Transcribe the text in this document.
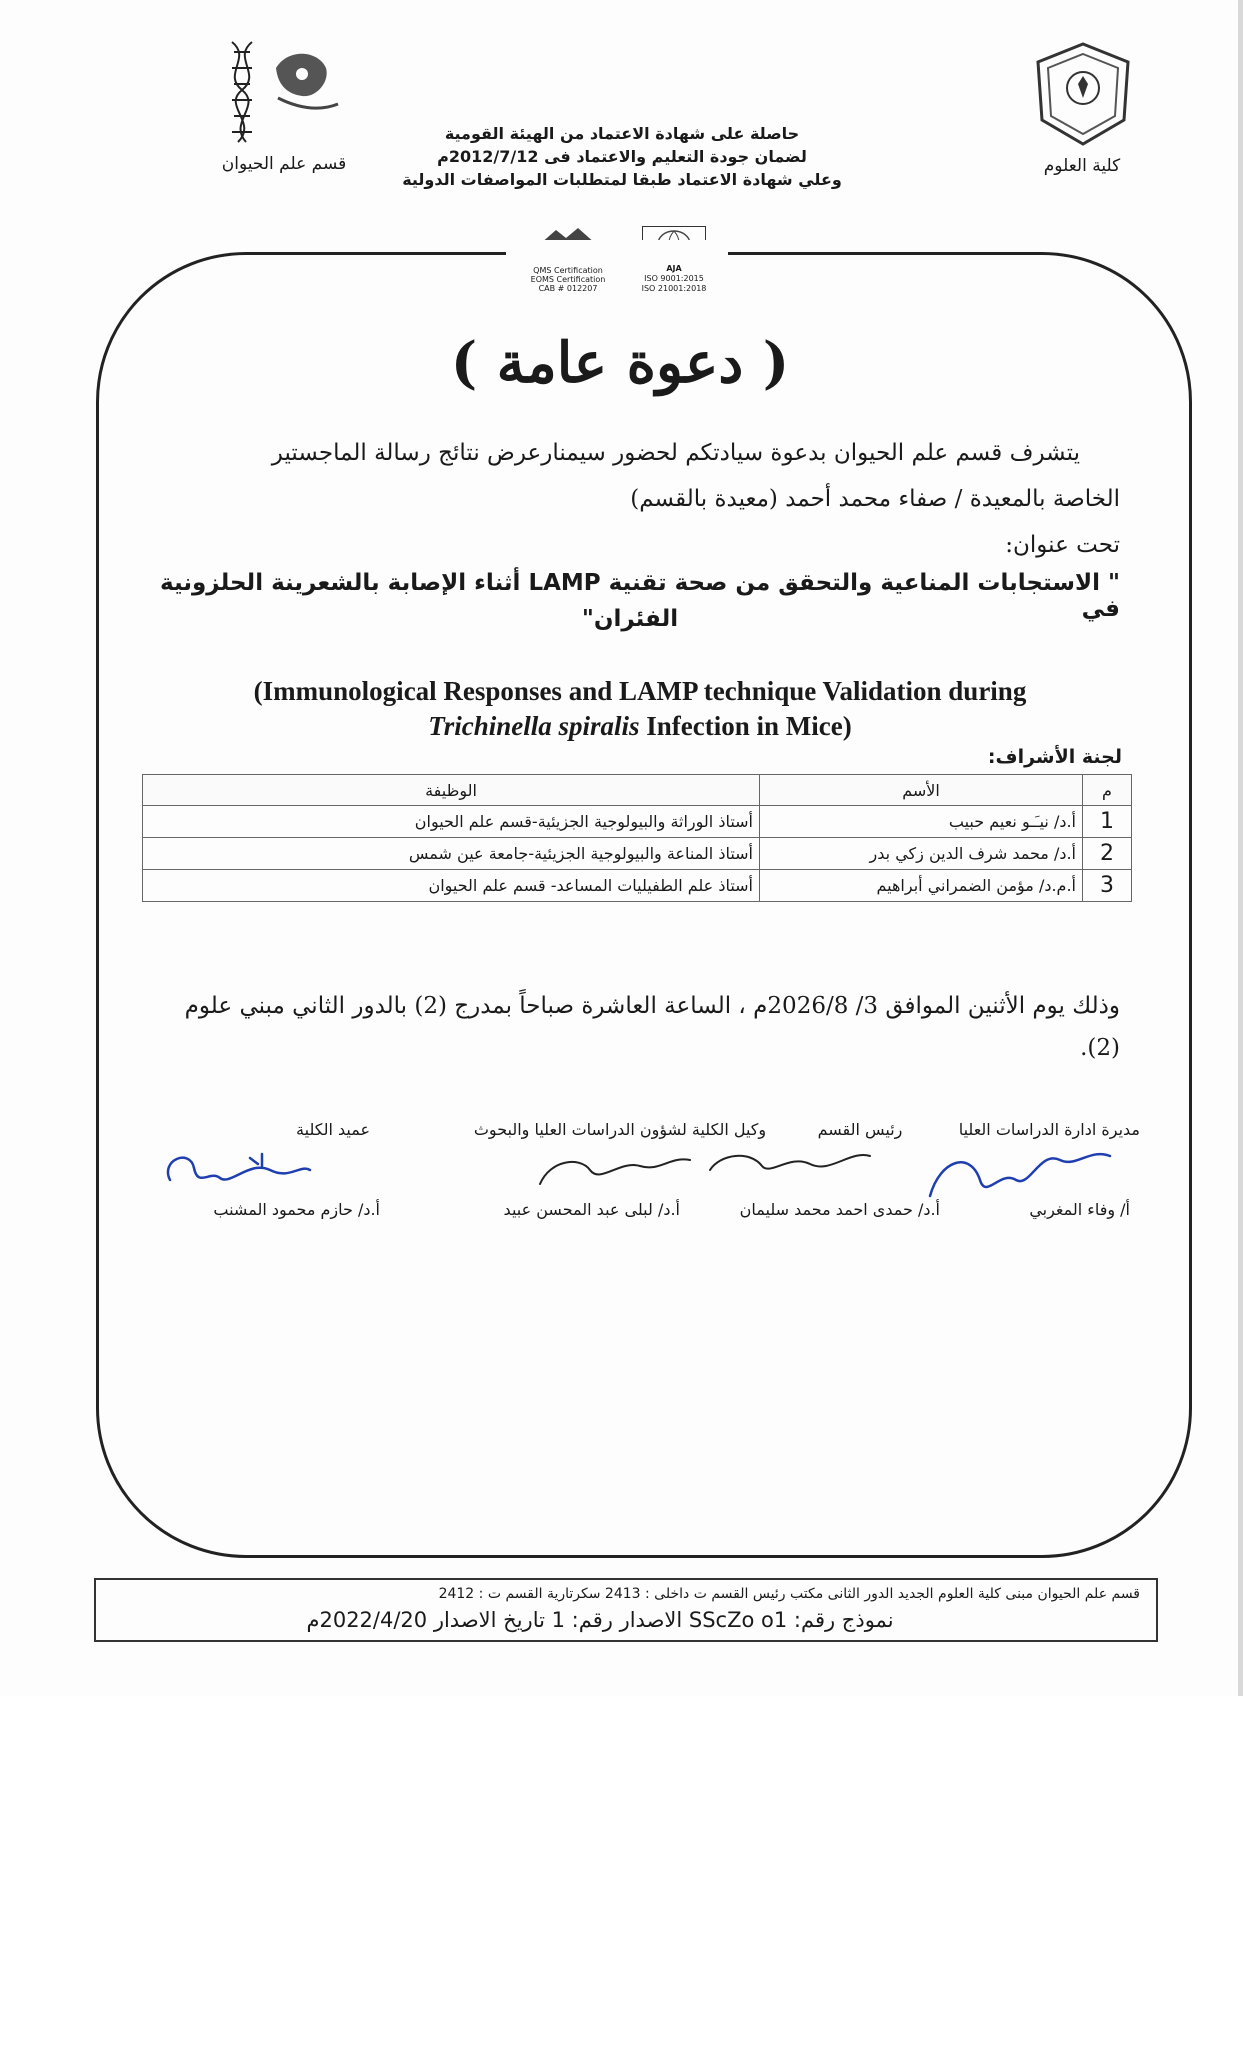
قسم علم الحيوان	كلية العلوم
حاصلة على شهادة الاعتماد من الهيئة القومية
لضمان جودة التعليم والاعتماد فى 2012/7/12م
وعلي شهادة الاعتماد طبقا لمتطلبات المواصفات الدولية
QMS Certification
EOMS Certification
CAB # 012207
AJA
ISO 9001:2015
ISO 21001:2018
( دعوة عامة )
يتشرف قسم علم الحيوان بدعوة سيادتكم لحضور سيمنارعرض نتائج رسالة الماجستير
الخاصة بالمعيدة / صفاء محمد أحمد (معيدة بالقسم)
تحت عنوان:
" الاستجابات المناعية والتحقق من صحة تقنية LAMP أثناء الإصابة بالشعرينة الحلزونية في
الفئران"
(Immunological Responses and LAMP technique Validation during
Trichinella spiralis Infection in Mice)
لجنة الأشراف:
م	الأسم	الوظيفة
1	أ.د/ نيـَـو نعيم حبيب	أستاذ الوراثة والبيولوجية الجزيئية-قسم علم الحيوان
2	أ.د/ محمد شرف الدين زكي بدر	أستاذ المناعة والبيولوجية الجزيئية-جامعة عين شمس
3	أ.م.د/ مؤمن الضمراني أبراهيم	أستاذ علم الطفيليات المساعد- قسم علم الحيوان
وذلك يوم الأثنين الموافق 3/ 2026/8م ، الساعة العاشرة صباحاً بمدرج (2) بالدور الثاني مبني علوم
(2).
مديرة ادارة الدراسات العليا
رئيس القسم
وكيل الكلية لشؤون الدراسات العليا والبحوث
عميد الكلية
أ/ وفاء المغربي
أ.د/ حمدى احمد محمد سليمان
أ.د/ لبلى عبد المحسن عبيد
أ.د/ حازم محمود المشنب
قسم علم الحيوان مبنى كلية العلوم الجديد الدور الثانى مكتب رئيس القسم ت داخلى : 2413 سكرتارية القسم ت : 2412
نموذج رقم: SScZo o1 الاصدار رقم: 1 تاريخ الاصدار 2022/4/20م
